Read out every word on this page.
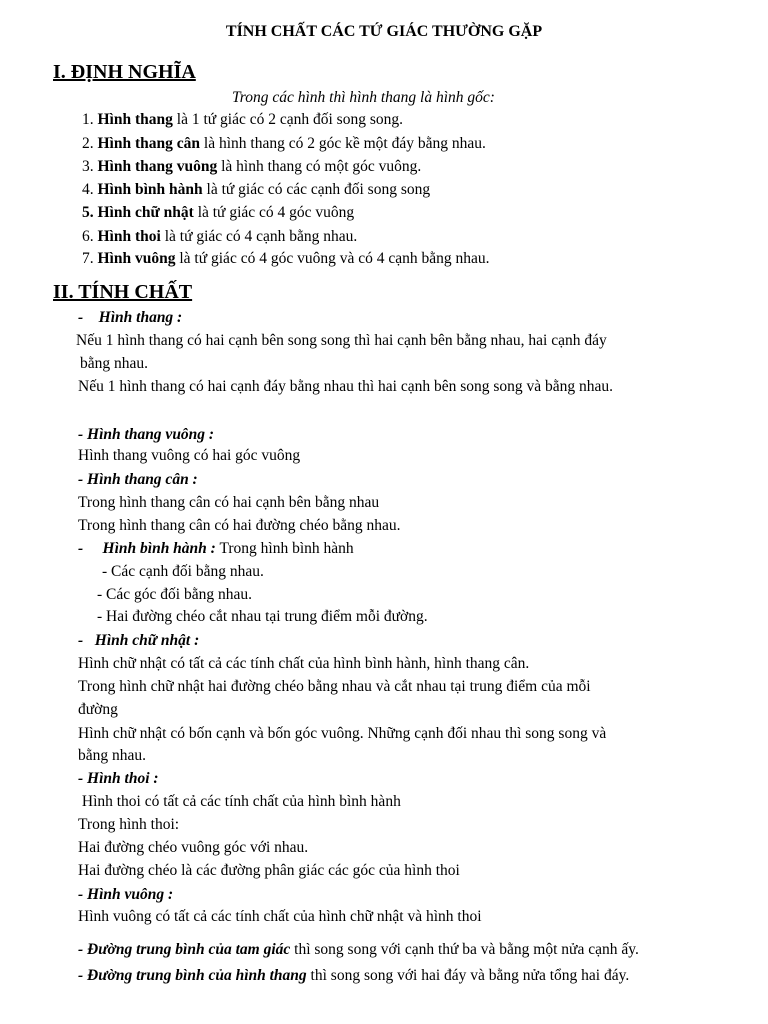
TÍNH CHẤT CÁC TỨ GIÁC THƯỜNG GẶP
I. ĐỊNH NGHĨA
Trong các hình thì hình thang là hình gốc:
1. Hình thang là 1 tứ giác có 2 cạnh đối song song.
2. Hình thang cân là hình thang có 2 góc kề một đáy bằng nhau.
3. Hình thang vuông là hình thang có một góc vuông.
4. Hình bình hành là tứ giác có các cạnh đối song song
5. Hình chữ nhật là tứ giác có 4 góc vuông
6. Hình thoi là tứ giác có 4 cạnh bằng nhau.
7. Hình vuông là tứ giác có 4 góc vuông và có 4 cạnh bằng nhau.
II. TÍNH CHẤT
-    Hình thang :
Nếu 1 hình thang có hai cạnh bên song song thì hai cạnh bên bằng nhau, hai cạnh đáy
bằng nhau.
Nếu 1 hình thang có hai cạnh đáy bằng nhau thì hai cạnh bên song song và bằng nhau.
- Hình thang vuông :
Hình thang vuông có hai góc vuông
- Hình thang cân :
Trong hình thang cân có hai cạnh bên bằng nhau
Trong hình thang cân có hai đường chéo bằng nhau.
-     Hình bình hành : Trong hình bình hành
- Các cạnh đối bằng nhau.
- Các góc đối bằng nhau.
- Hai đường chéo cắt nhau tại trung điểm mỗi đường.
-   Hình chữ nhật :
Hình chữ nhật có tất cả các tính chất của hình bình hành, hình thang cân.
Trong hình chữ nhật hai đường chéo bằng nhau và cắt nhau tại trung điểm của mỗi
đường
Hình chữ nhật có bốn cạnh và bốn góc vuông. Những cạnh đối nhau thì song song và
bằng nhau.
- Hình thoi :
Hình thoi có tất cả các tính chất của hình bình hành
Trong hình thoi:
Hai đường chéo vuông góc với nhau.
Hai đường chéo là các đường phân giác các góc của hình thoi
- Hình vuông :
Hình vuông có tất cả các tính chất của hình chữ nhật và hình thoi
- Đường trung bình của tam giác thì song song với cạnh thứ ba và bằng một nửa cạnh ấy.
- Đường trung bình của hình thang thì song song với hai đáy và bằng nửa tổng hai đáy.
